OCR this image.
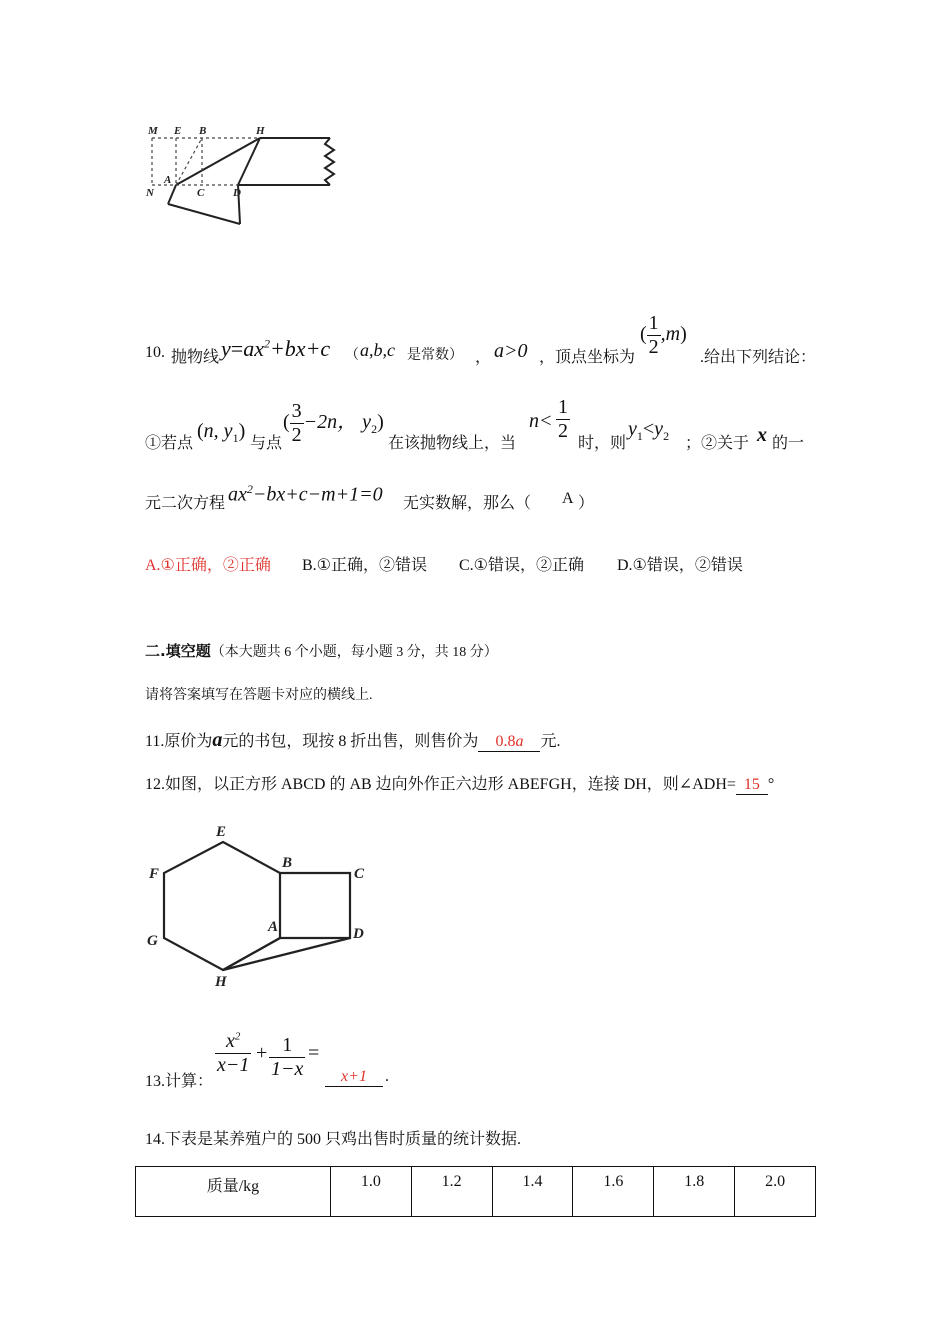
M E B	H
N
A
C	D
10. 抛物线 $y=ax^2+bx+c$ （ a,b,c 是常数） ， a>0 ，顶点坐标为
( $\frac{1}{2} ,m$)
.给出下列结论：
①若点
(n, $y_1$)
与点
( $\frac{3}{2} -2n$， $y_2$)
在该抛物线上，当
$n< \frac{1}{2}$
时，则
$y_1<y_2$ ；②关于 x 的一
元二次方程 $ax^2-bx+c-m+1=0$ 无实数解，那么（ A ）
A.①正确，②正确 B.①正确，②错误 C.①错误，②正确 D.①错误，②错误
二.填空题（本大题共 6 个小题，每小题 3 分，共 18 分）
请将答案填写在答题卡对应的横线上.
11.原价为a元的书包，现按 8 折出售，则售价为 0.8a 元.
12.如图，以正方形 ABCD 的 AB 边向外作正六边形 ABEFGH，连接 DH，则∠ADH= 15 °
E
B
C
F
A	D
G
H
13.计算：
$\frac{x^2}{x-1} + \frac{1}{1-x}$ =
x+1	.
14.下表是某养殖户的 500 只鸡出售时质量的统计数据.
质量/kg	1.0	1.2	1.4	1.6	1.8	2.0
